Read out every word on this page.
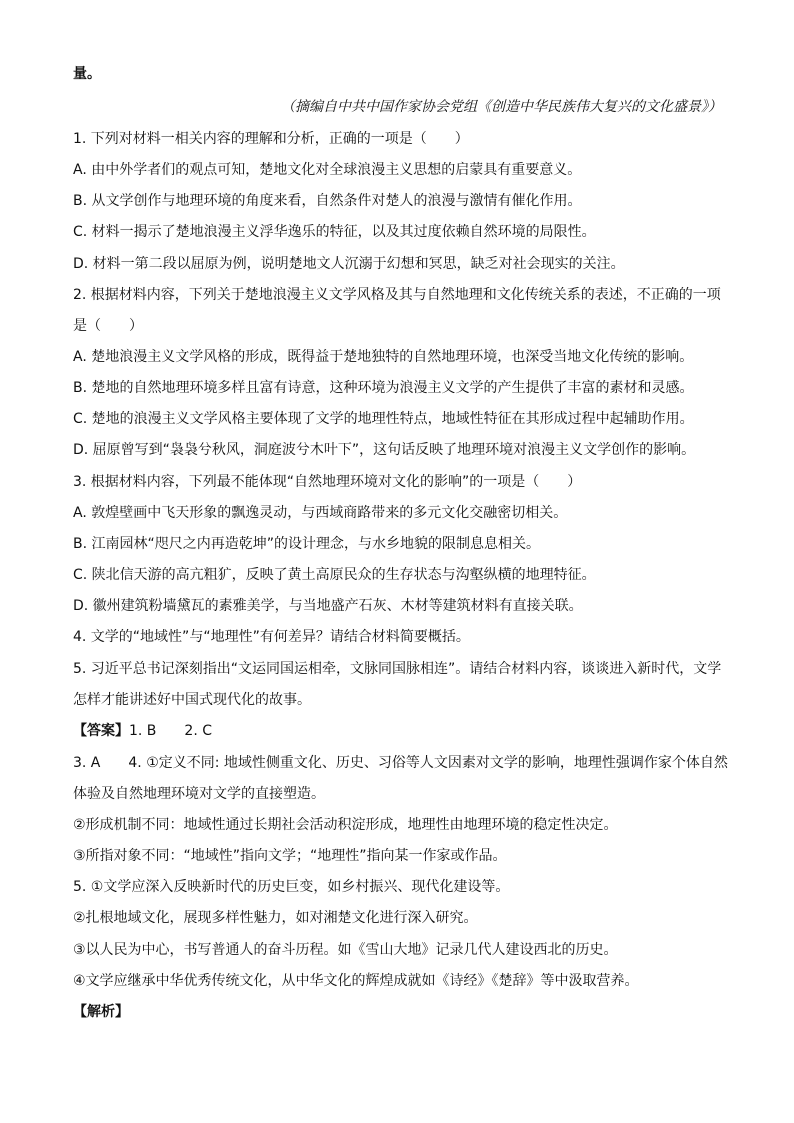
量。
（摘编自中共中国作家协会党组《创造中华民族伟大复兴的文化盛景》）
1. 下列对材料一相关内容的理解和分析，正确的一项是（　　）
A. 由中外学者们的观点可知，楚地文化对全球浪漫主义思想的启蒙具有重要意义。
B. 从文学创作与地理环境的角度来看，自然条件对楚人的浪漫与激情有催化作用。
C. 材料一揭示了楚地浪漫主义浮华逸乐的特征，以及其过度依赖自然环境的局限性。
D. 材料一第二段以屈原为例，说明楚地文人沉溺于幻想和冥思，缺乏对社会现实的关注。
2. 根据材料内容，下列关于楚地浪漫主义文学风格及其与自然地理和文化传统关系的表述，不正确的一项
是（　　）
A. 楚地浪漫主义文学风格的形成，既得益于楚地独特的自然地理环境，也深受当地文化传统的影响。
B. 楚地的自然地理环境多样且富有诗意，这种环境为浪漫主义文学的产生提供了丰富的素材和灵感。
C. 楚地的浪漫主义文学风格主要体现了文学的地理性特点，地域性特征在其形成过程中起辅助作用。
D. 屈原曾写到“袅袅兮秋风，洞庭波兮木叶下”，这句话反映了地理环境对浪漫主义文学创作的影响。
3. 根据材料内容，下列最不能体现“自然地理环境对文化的影响”的一项是（　　）
A. 敦煌壁画中飞天形象的飘逸灵动，与西域商路带来的多元文化交融密切相关。
B. 江南园林“咫尺之内再造乾坤”的设计理念，与水乡地貌的限制息息相关。
C. 陕北信天游的高亢粗犷，反映了黄土高原民众的生存状态与沟壑纵横的地理特征。
D. 徽州建筑粉墙黛瓦的素雅美学，与当地盛产石灰、木材等建筑材料有直接关联。
4. 文学的“地域性”与“地理性”有何差异？请结合材料简要概括。
5. 习近平总书记深刻指出“文运同国运相牵，文脉同国脉相连”。请结合材料内容，谈谈进入新时代，文学
怎样才能讲述好中国式现代化的故事。
【答案】1. B　　2. C
3. A　　4. ①定义不同: 地域性侧重文化、历史、习俗等人文因素对文学的影响，地理性强调作家个体自然
体验及自然地理环境对文学的直接塑造。
②形成机制不同：地域性通过长期社会活动积淀形成，地理性由地理环境的稳定性决定。
③所指对象不同：“地域性”指向文学；“地理性”指向某一作家或作品。
5. ①文学应深入反映新时代的历史巨变，如乡村振兴、现代化建设等。
②扎根地域文化，展现多样性魅力，如对湘楚文化进行深入研究。
③以人民为中心，书写普通人的奋斗历程。如《雪山大地》记录几代人建设西北的历史。
④文学应继承中华优秀传统文化，从中华文化的辉煌成就如《诗经》《楚辞》等中汲取营养。
【解析】
